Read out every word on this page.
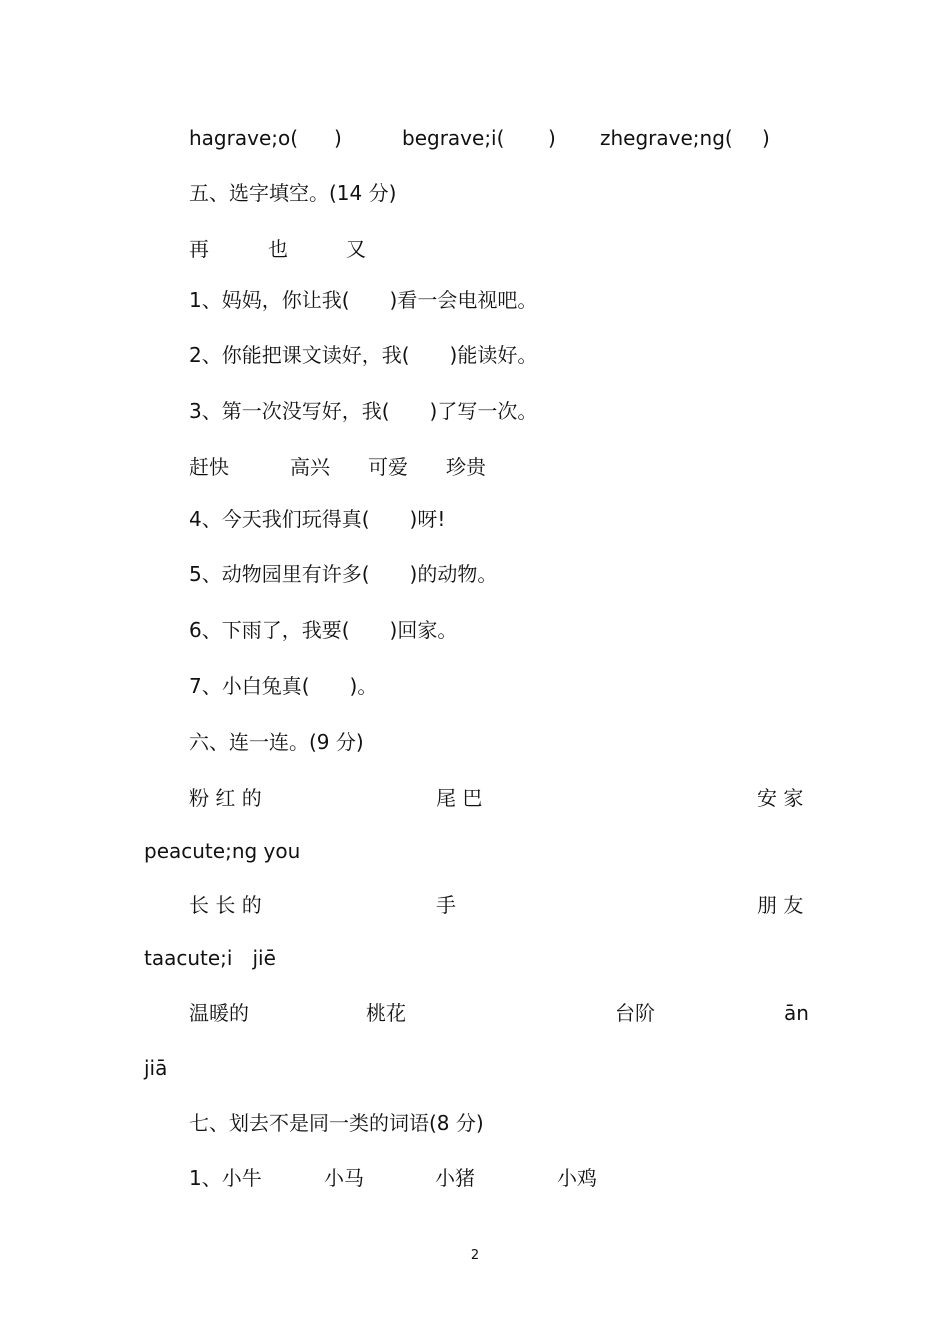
hagrave;o( )	begrave;i( ) zhegrave;ng( )
五、选字填空。(14 分)
再	也	又
1、妈妈，你让我(　　)看一会电视吧。
2、你能把课文读好，我(　　)能读好。
3、第一次没写好，我(　　)了写一次。
赶快	高兴 可爱 珍贵
4、今天我们玩得真(　　)呀!
5、动物园里有许多(　　)的动物。
6、下雨了，我要(　　)回家。
7、小白兔真(　　)。
六、连一连。(9 分)
粉 红 的	尾 巴	安 家
peacute;ng you
长 长 的	手	朋 友
taacute;i　jiē
温暖的	桃花	台阶	ān
jiā
七、划去不是同一类的词语(8 分)
1、小牛	小马	小猪	小鸡
2
